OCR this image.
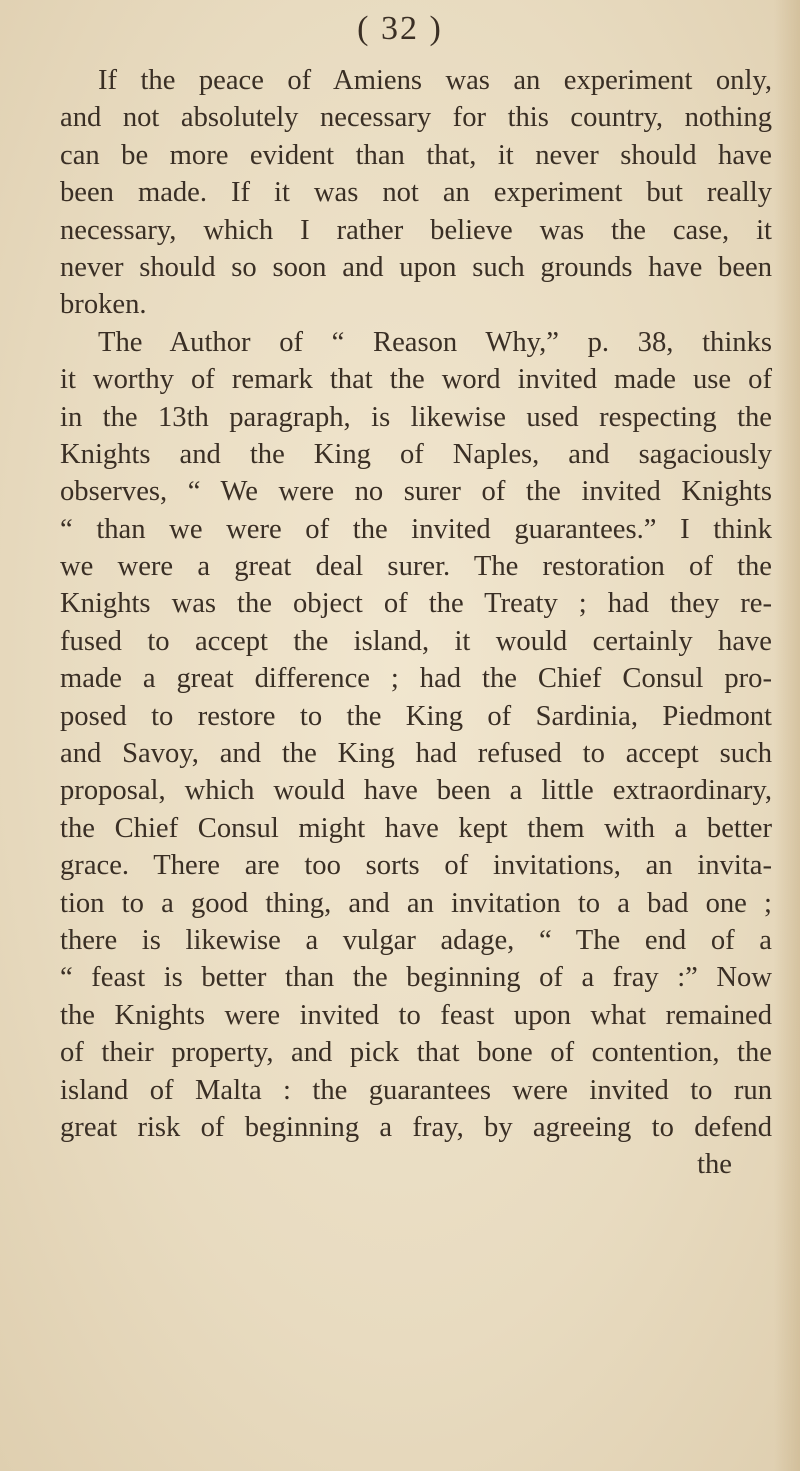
( 32 )
If the peace of Amiens was an experiment only,
and not absolutely necessary for this country, nothing
can be more evident than that, it never should have
been made. If it was not an experiment but really
necessary, which I rather believe was the case, it
never should so soon and upon such grounds have been
broken.
The Author of “ Reason Why,” p. 38, thinks
it worthy of remark that the word invited made use of
in the 13th paragraph, is likewise used respecting the
Knights and the King of Naples, and sagaciously
observes, “ We were no surer of the invited Knights
“ than we were of the invited guarantees.” I think
we were a great deal surer. The restoration of the
Knights was the object of the Treaty ; had they re-
fused to accept the island, it would certainly have
made a great difference ; had the Chief Consul pro-
posed to restore to the King of Sardinia, Piedmont
and Savoy, and the King had refused to accept such
proposal, which would have been a little extraordinary,
the Chief Consul might have kept them with a better
grace. There are too sorts of invitations, an invita-
tion to a good thing, and an invitation to a bad one ;
there is likewise a vulgar adage, “ The end of a
“ feast is better than the beginning of a fray :” Now
the Knights were invited to feast upon what remained
of their property, and pick that bone of contention, the
island of Malta : the guarantees were invited to run
great risk of beginning a fray, by agreeing to defend
the
